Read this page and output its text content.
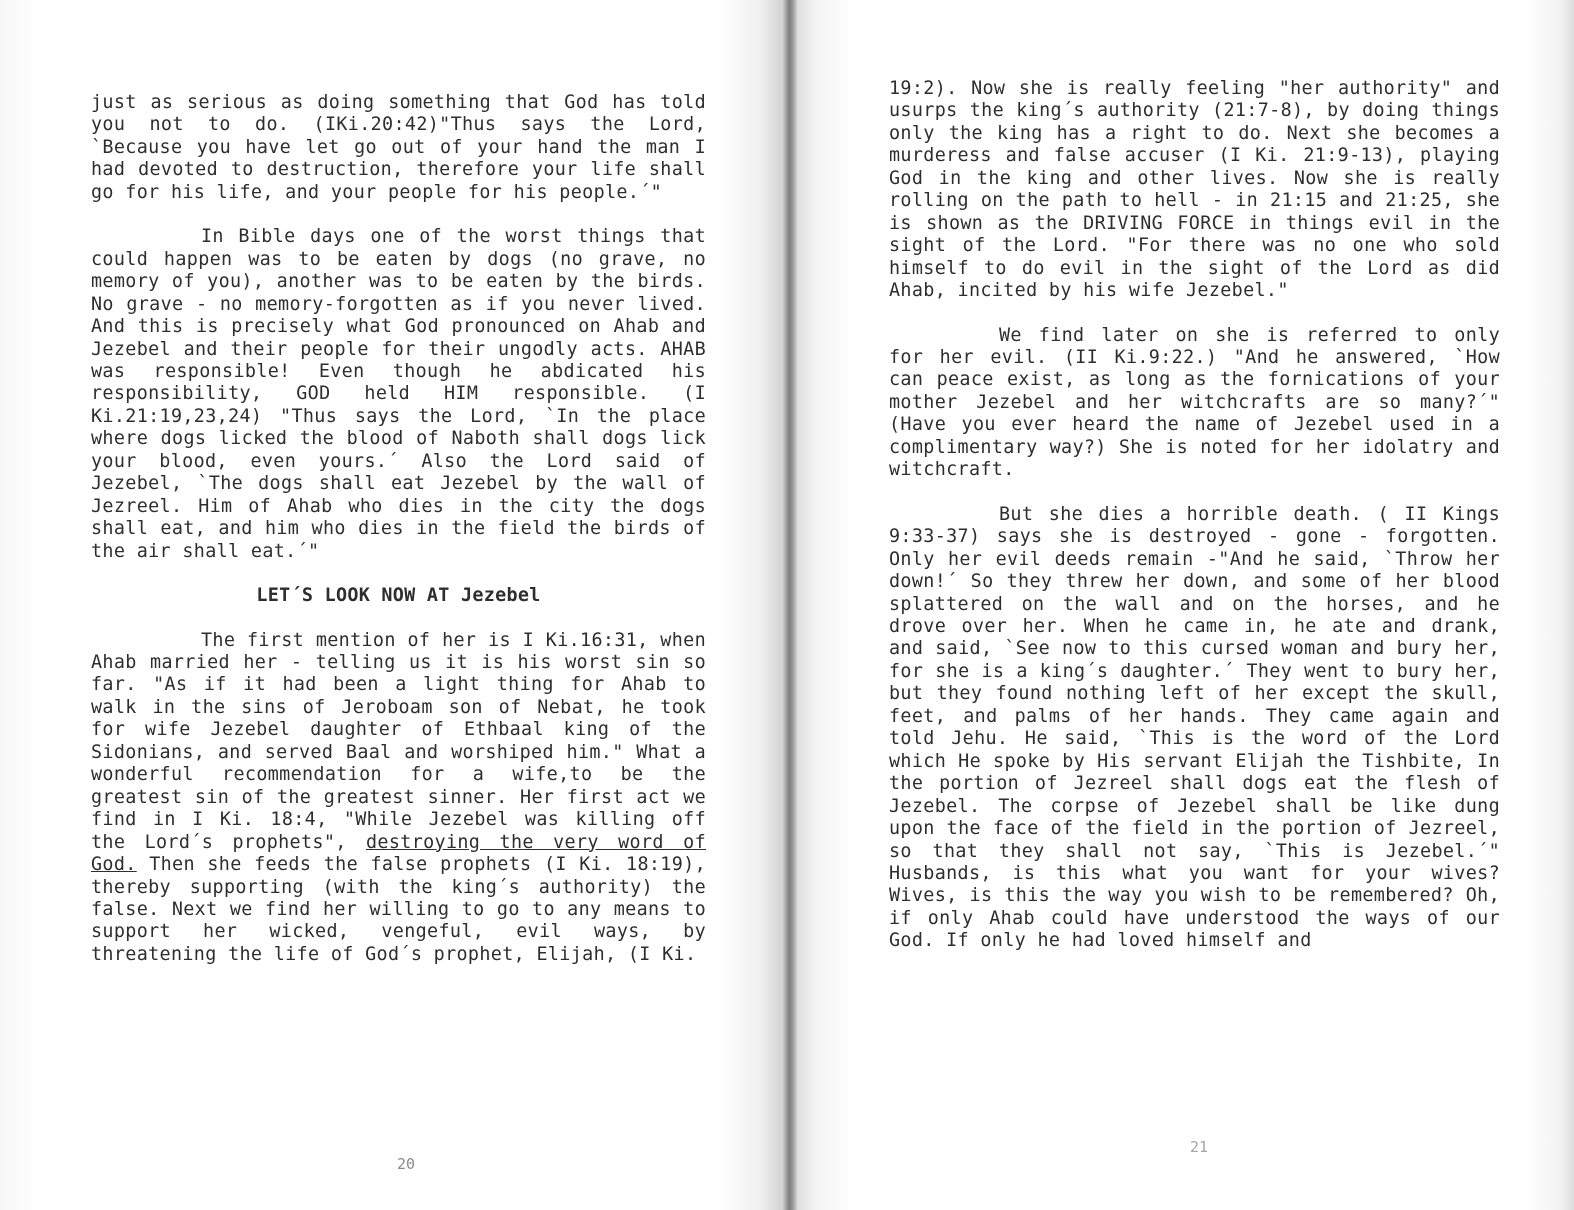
just as serious as doing something that God has told you not to do. (IKi.20:42)"Thus says the Lord, `Because you have let go out of your hand the man I had devoted to destruction, therefore your life shall go for his life, and your people for his people.´"

In Bible days one of the worst things that could happen was to be eaten by dogs (no grave, no memory of you), another was to be eaten by the birds. No grave - no memory-forgotten as if you never lived. And this is precisely what God pronounced on Ahab and Jezebel and their people for their ungodly acts. AHAB was responsible! Even though he abdicated his responsibility, GOD held HIM responsible. (I Ki.21:19,23,24) "Thus says the Lord, `In the place where dogs licked the blood of Naboth shall dogs lick your blood, even yours.´ Also the Lord said of Jezebel, `The dogs shall eat Jezebel by the wall of Jezreel. Him of Ahab who dies in the city the dogs shall eat, and him who dies in the field the birds of the air shall eat.´"

LET´S LOOK NOW AT Jezebel

The first mention of her is I Ki.16:31, when Ahab married her - telling us it is his worst sin so far. "As if it had been a light thing for Ahab to walk in the sins of Jeroboam son of Nebat, he took for wife Jezebel daughter of Ethbaal king of the Sidonians, and served Baal and worshiped him." What a wonderful recommendation for a wife,to be the greatest sin of the greatest sinner. Her first act we find in I Ki. 18:4, "While Jezebel was killing off the Lord´s prophets", destroying the very word of God. Then she feeds the false prophets (I Ki. 18:19), thereby supporting (with the king´s authority) the false. Next we find her willing to go to any means to support her wicked, vengeful, evil ways, by threatening the life of God´s prophet, Elijah, (I Ki.

20
21

19:2). Now she is really feeling "her authority" and usurps the king´s authority (21:7-8), by doing things only the king has a right to do. Next she becomes a murderess and false accuser (I Ki. 21:9-13), playing God in the king and other lives. Now she is really rolling on the path to hell - in 21:15 and 21:25, she is shown as the DRIVING FORCE in things evil in the sight of the Lord. "For there was no one who sold himself to do evil in the sight of the Lord as did Ahab, incited by his wife Jezebel."

We find later on she is referred to only for her evil. (II Ki.9:22.) "And he answered, `How can peace exist, as long as the fornications of your mother Jezebel and her witchcrafts are so many?´" (Have you ever heard the name of Jezebel used in a complimentary way?) She is noted for her idolatry and witchcraft.

But she dies a horrible death. ( II Kings 9:33-37) says she is destroyed - gone - forgotten. Only her evil deeds remain -"And he said, `Throw her down!´ So they threw her down, and some of her blood splattered on the wall and on the horses, and he drove over her. When he came in, he ate and drank, and said, `See now to this cursed woman and bury her, for she is a king´s daughter.´ They went to bury her, but they found nothing left of her except the skull, feet, and palms of her hands. They came again and told Jehu. He said, `This is the word of the Lord which He spoke by His servant Elijah the Tishbite, In the portion of Jezreel shall dogs eat the flesh of Jezebel. The corpse of Jezebel shall be like dung upon the face of the field in the portion of Jezreel, so that they shall not say, `This is Jezebel.´" Husbands, is this what you want for your wives? Wives, is this the way you wish to be remembered? Oh, if only Ahab could have understood the ways of our God. If only he had loved himself and
